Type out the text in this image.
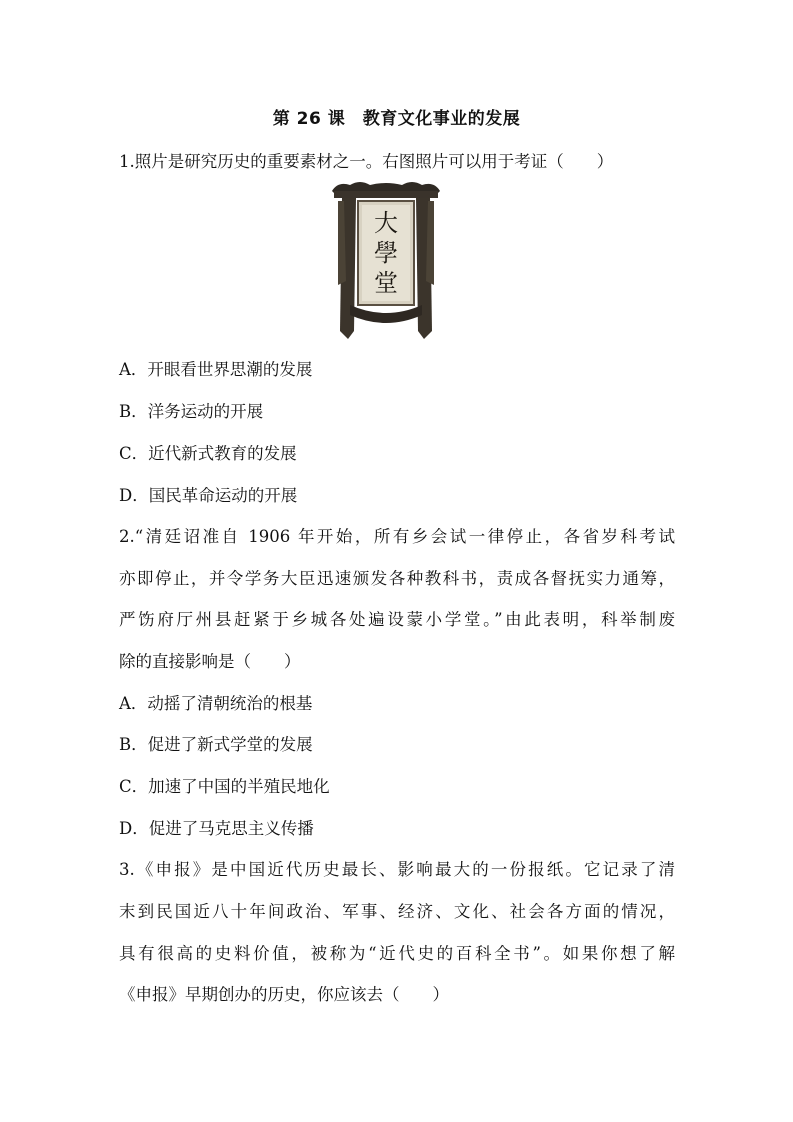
第 26 课　教育文化事业的发展
1.照片是研究历史的重要素材之一。右图照片可以用于考证（　　）
大
學
堂
A．开眼看世界思潮的发展
B．洋务运动的开展
C．近代新式教育的发展
D．国民革命运动的开展
2.“清廷诏准自 1906 年开始，所有乡会试一律停止，各省岁科考试
亦即停止，并令学务大臣迅速颁发各种教科书，责成各督抚实力通筹，
严饬府厅州县赶紧于乡城各处遍设蒙小学堂。”由此表明，科举制废
除的直接影响是（　　）
A．动摇了清朝统治的根基
B．促进了新式学堂的发展
C．加速了中国的半殖民地化
D．促进了马克思主义传播
3.《申报》是中国近代历史最长、影响最大的一份报纸。它记录了清
末到民国近八十年间政治、军事、经济、文化、社会各方面的情况，
具有很高的史料价值，被称为“近代史的百科全书”。如果你想了解
《申报》早期创办的历史，你应该去（　　）
